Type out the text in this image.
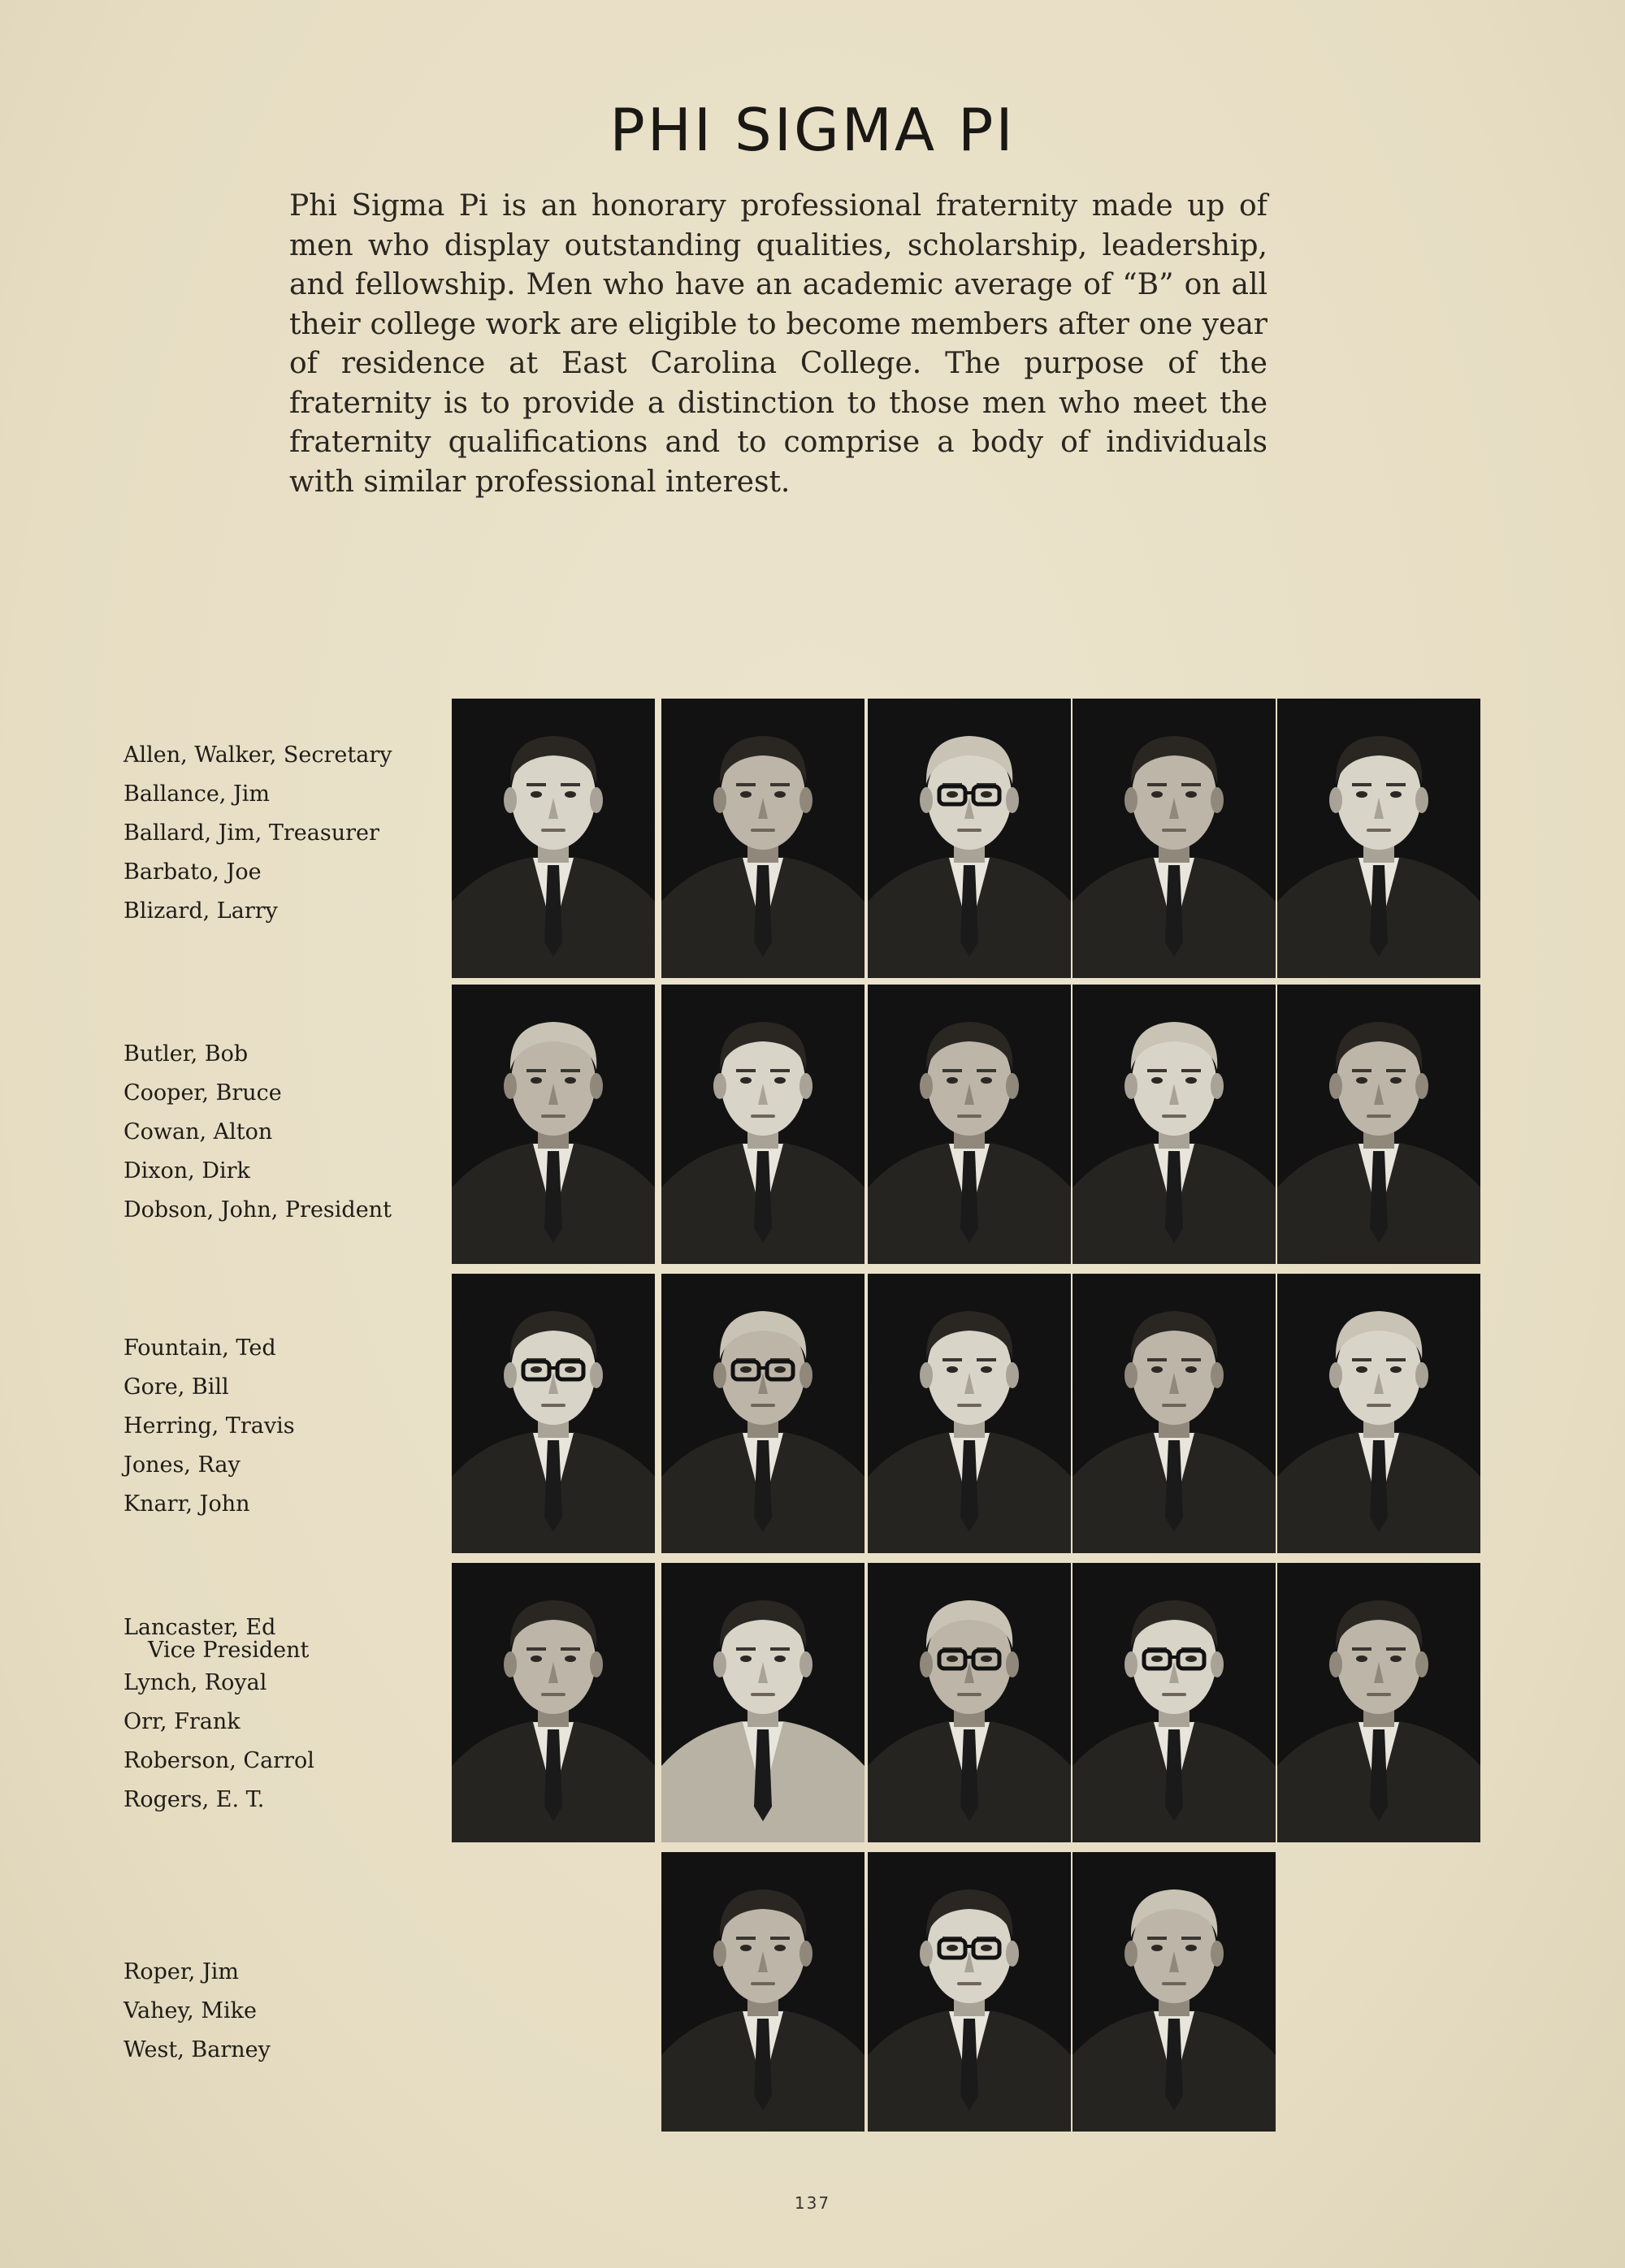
PHI SIGMA PI

Phi Sigma Pi is an honorary professional fraternity made up of men who display outstanding qualities, scholarship, leadership, and fellowship. Men who have an academic average of “B” on all their college work are eligible to become members after one year of residence at East Carolina College. The purpose of the fraternity is to provide a distinction to those men who meet the fraternity qualifications and to comprise a body of individuals with similar professional interest.

Allen, Walker, Secretary
Ballance, Jim
Ballard, Jim, Treasurer
Barbato, Joe
Blizard, Larry
Butler, Bob
Cooper, Bruce
Cowan, Alton
Dixon, Dirk
Dobson, John, President
Fountain, Ted
Gore, Bill
Herring, Travis
Jones, Ray
Knarr, John
Lancaster, Ed
Vice President
Lynch, Royal
Orr, Frank
Roberson, Carrol
Rogers, E. T.
Roper, Jim
Vahey, Mike
West, Barney
137
